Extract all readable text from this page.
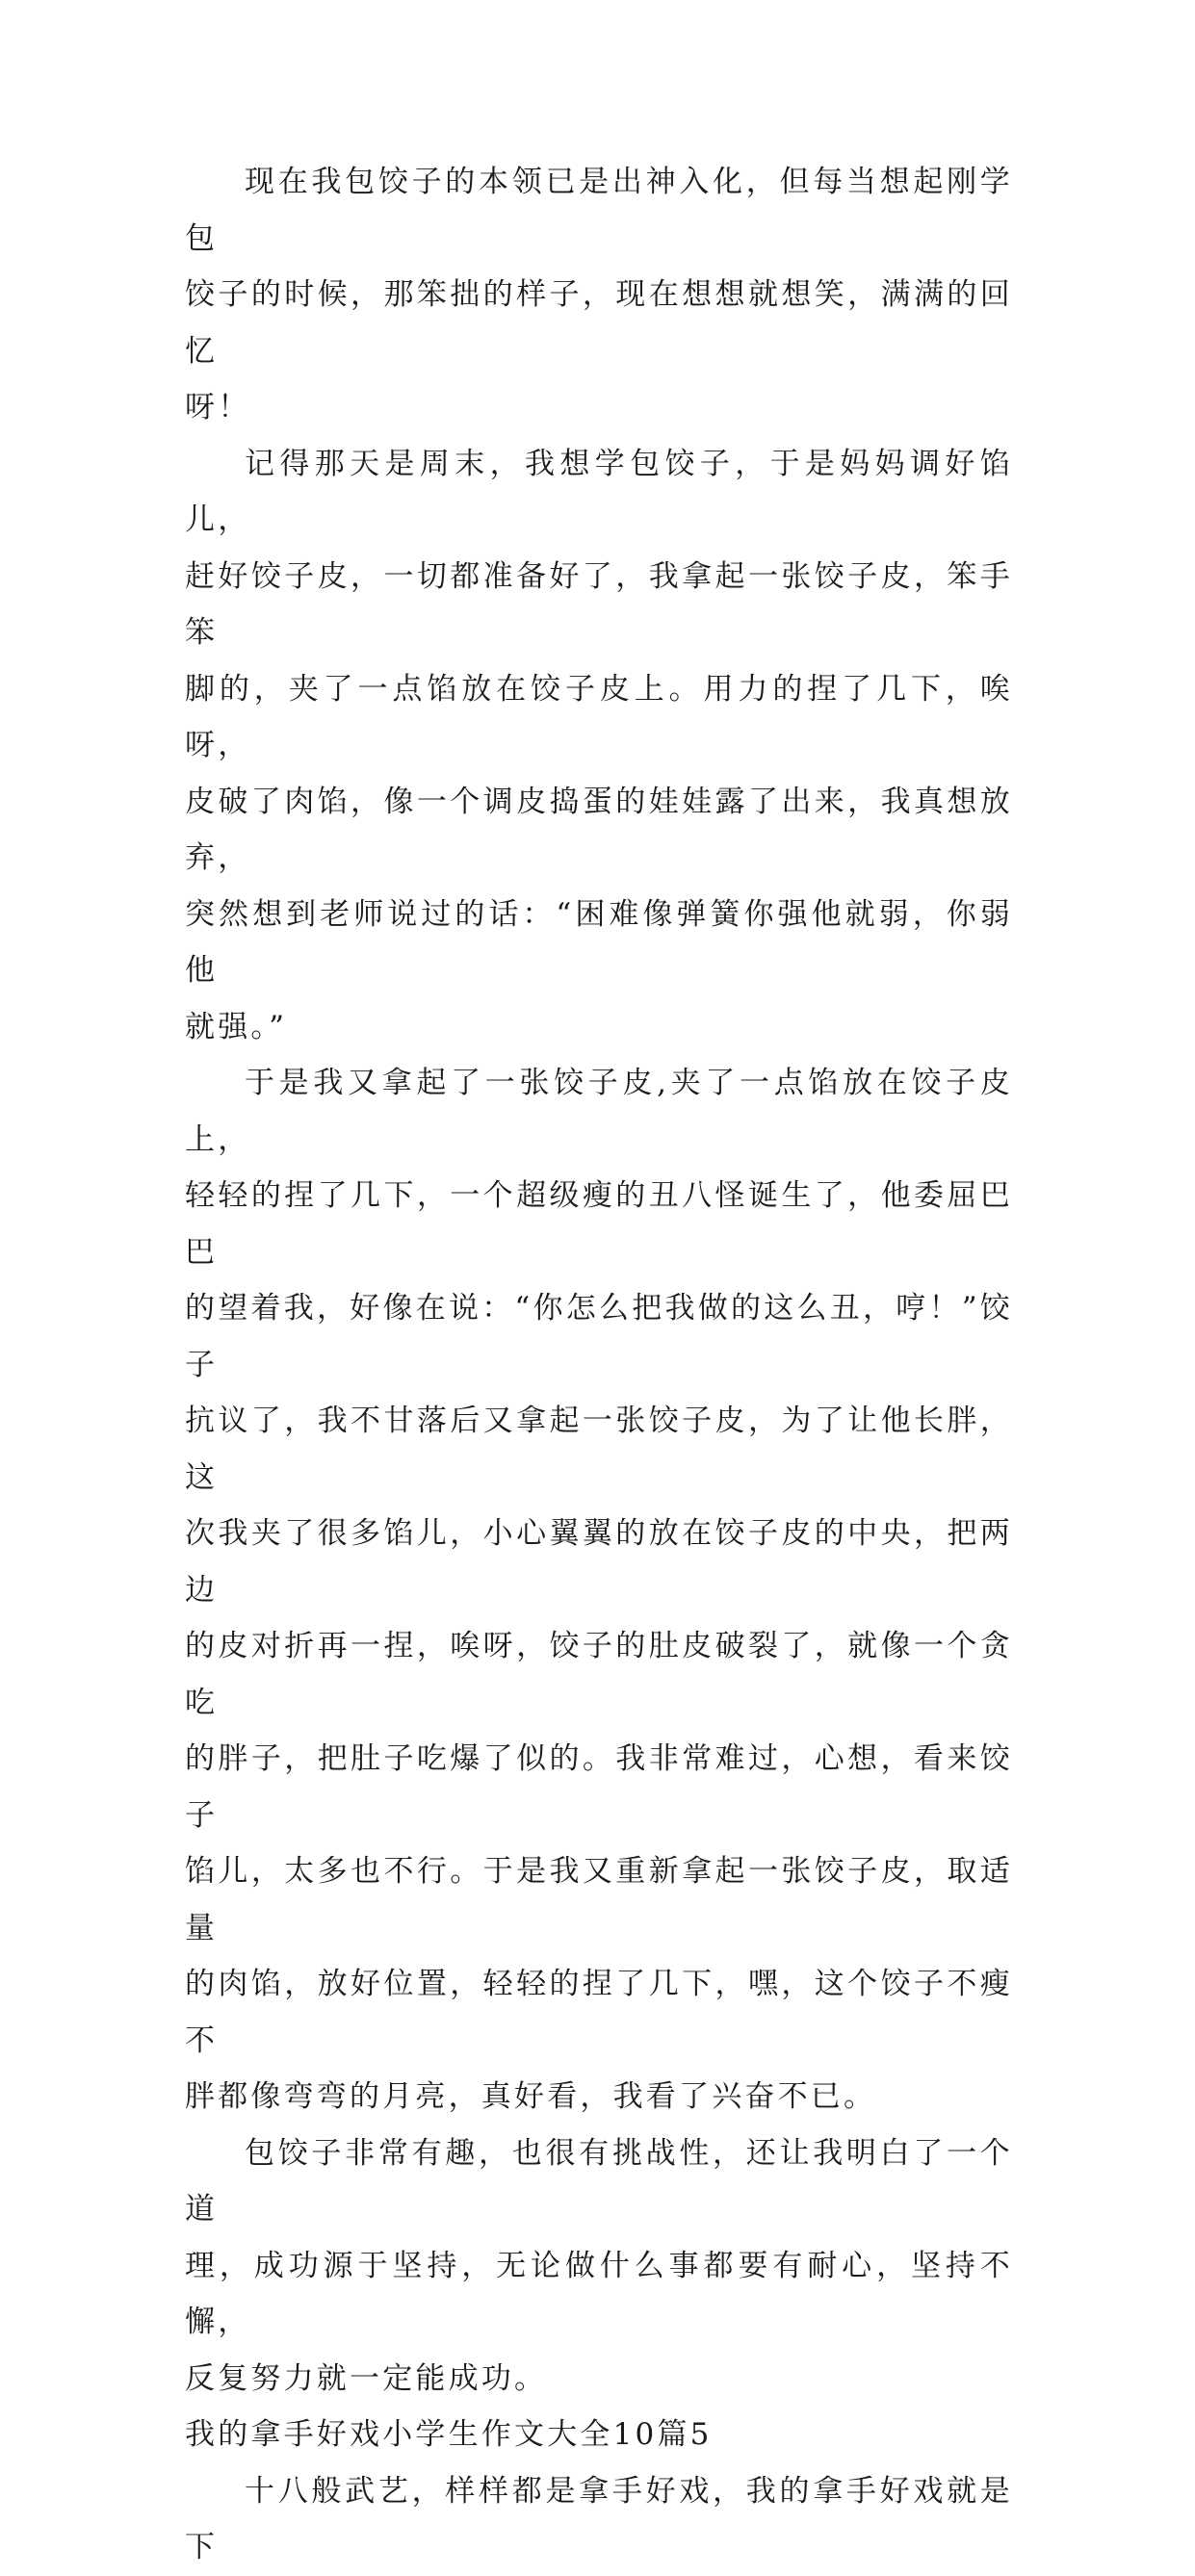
现在我包饺子的本领已是出神入化，但每当想起刚学包
饺子的时候，那笨拙的样子，现在想想就想笑，满满的回忆
呀！

记得那天是周末，我想学包饺子，于是妈妈调好馅儿，
赶好饺子皮，一切都准备好了，我拿起一张饺子皮，笨手笨
脚的，夹了一点馅放在饺子皮上。用力的捏了几下，唉呀，
皮破了肉馅，像一个调皮捣蛋的娃娃露了出来，我真想放弃，
突然想到老师说过的话：“困难像弹簧你强他就弱，你弱他
就强。”

于是我又拿起了一张饺子皮,夹了一点馅放在饺子皮上，
轻轻的捏了几下，一个超级瘦的丑八怪诞生了，他委屈巴巴
的望着我，好像在说：“你怎么把我做的这么丑，哼！”饺子
抗议了，我不甘落后又拿起一张饺子皮，为了让他长胖，这
次我夹了很多馅儿，小心翼翼的放在饺子皮的中央，把两边
的皮对折再一捏，唉呀，饺子的肚皮破裂了，就像一个贪吃
的胖子，把肚子吃爆了似的。我非常难过，心想，看来饺子
馅儿，太多也不行。于是我又重新拿起一张饺子皮，取适量
的肉馅，放好位置，轻轻的捏了几下，嘿，这个饺子不瘦不
胖都像弯弯的月亮，真好看，我看了兴奋不已。

包饺子非常有趣，也很有挑战性，还让我明白了一个道
理，成功源于坚持，无论做什么事都要有耐心，坚持不懈，
反复努力就一定能成功。

我的拿手好戏小学生作文大全10篇5

十八般武艺，样样都是拿手好戏，我的拿手好戏就是下
